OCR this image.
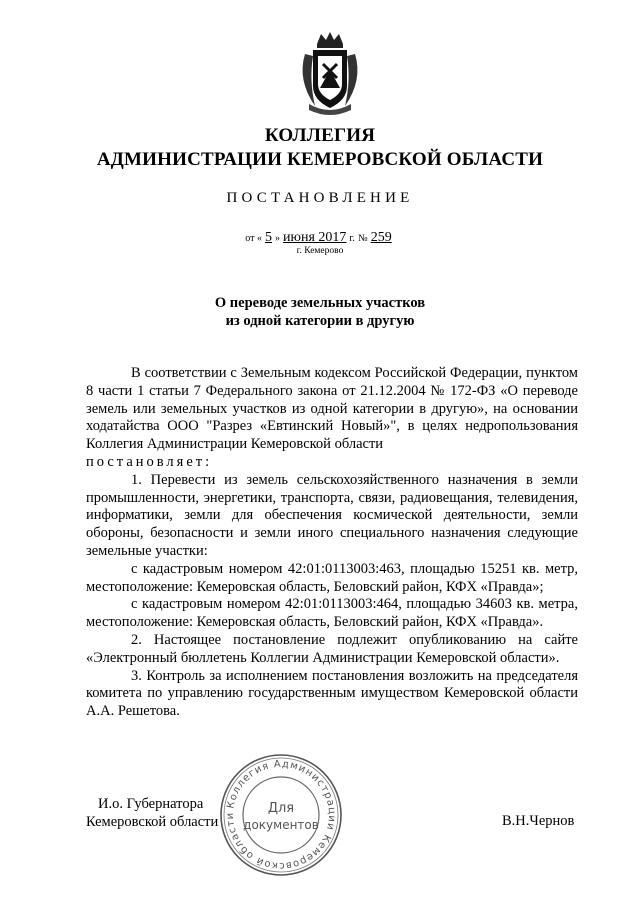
КОЛЛЕГИЯ
АДМИНИСТРАЦИИ КЕМЕРОВСКОЙ ОБЛАСТИ
ПОСТАНОВЛЕНИЕ
от « 5 » июня 2017 г. № 259
г. Кемерово
О переводе земельных участков
из одной категории в другую

В соответствии с Земельным кодексом Российской Федерации, пунктом 8 части 1 статьи 7 Федерального закона от 21.12.2004 № 172-ФЗ «О переводе земель или земельных участков из одной категории в другую», на основании ходатайства ООО "Разрез «Евтинский Новый»", в целях недропользования Коллегия Администрации Кемеровской области

постановляет:

1. Перевести из земель сельскохозяйственного назначения в земли промышленности, энергетики, транспорта, связи, радиовещания, телевидения, информатики, земли для обеспечения космической деятельности, земли обороны, безопасности и земли иного специального назначения следующие земельные участки:

с кадастровым номером 42:01:0113003:463, площадью 15251 кв. метр, местоположение: Кемеровская область, Беловский район, КФХ «Правда»;

с кадастровым номером 42:01:0113003:464, площадью 34603 кв. метра, местоположение: Кемеровская область, Беловский район, КФХ «Правда».

2. Настоящее постановление подлежит опубликованию на сайте «Электронный бюллетень Коллегии Администрации Кемеровской области».

3. Контроль за исполнением постановления возложить на председателя комитета по управлению государственным имуществом Кемеровской области А.А. Решетова.

И.о. Губернатора
Кемеровской области	В.Н.Чернов
Коллегия Администрации Кемеровской области	Для
документов
